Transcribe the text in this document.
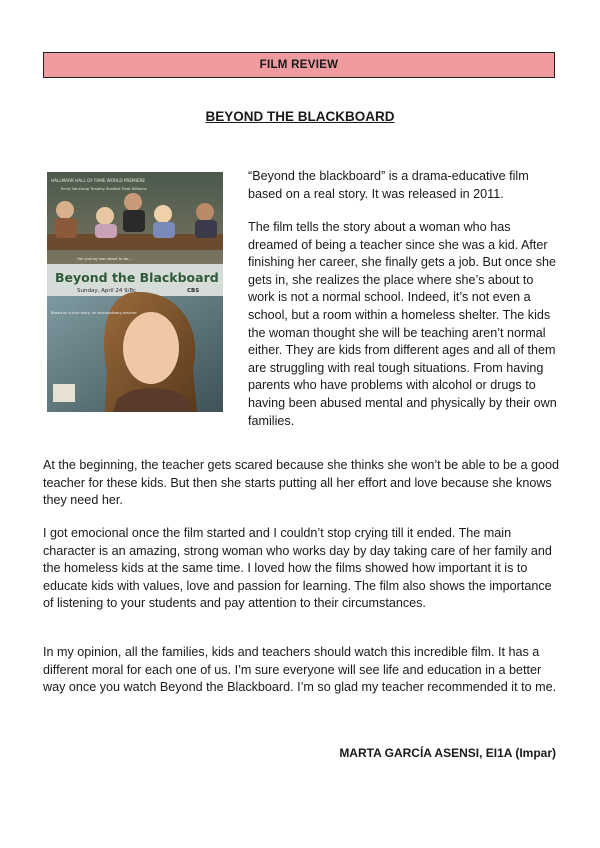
FILM REVIEW
BEYOND THE BLACKBOARD
HALLMARK HALL OF FAME WORLD PREMIERE
Emily VanCamp Timothy Busfield Treat Williams
Her journey was about to be...
Beyond the Blackboard
Sunday, April 24 9/8c	CBS
Based on a true story. An extraordinary teacher.

“Beyond the blackboard” is a drama-educative film based on a real story. It was released in 2011.

The film tells the story about a woman who has dreamed of being a teacher since she was a kid. After finishing her career, she finally gets a job. But once she gets in, she realizes the place where she’s about to work is not a normal school. Indeed, it’s not even a school, but a room within a homeless shelter. The kids the woman thought she will be teaching aren’t normal either. They are kids from different ages and all of them are struggling with real tough situations. From having parents who have problems with alcohol or drugs to having been abused mental and physically by their own families.

At the beginning, the teacher gets scared because she thinks she won’t be able to be a good teacher for these kids. But then she starts putting all her effort and love because she knows they need her.

I got emocional once the film started and I couldn’t stop crying till it ended. The main character is an amazing, strong woman who works day by day taking care of her family and the homeless kids at the same time. I loved how the films showed how important it is to educate kids with values, love and passion for learning. The film also shows the importance of listening to your students and pay attention to their circumstances.

In my opinion, all the families, kids and teachers should watch this incredible film. It has a different moral for each one of us. I’m sure everyone will see life and education in a better way once you watch Beyond the Blackboard. I’m so glad my teacher recommended it to me.

MARTA GARCÍA ASENSI, EI1A (Impar)
